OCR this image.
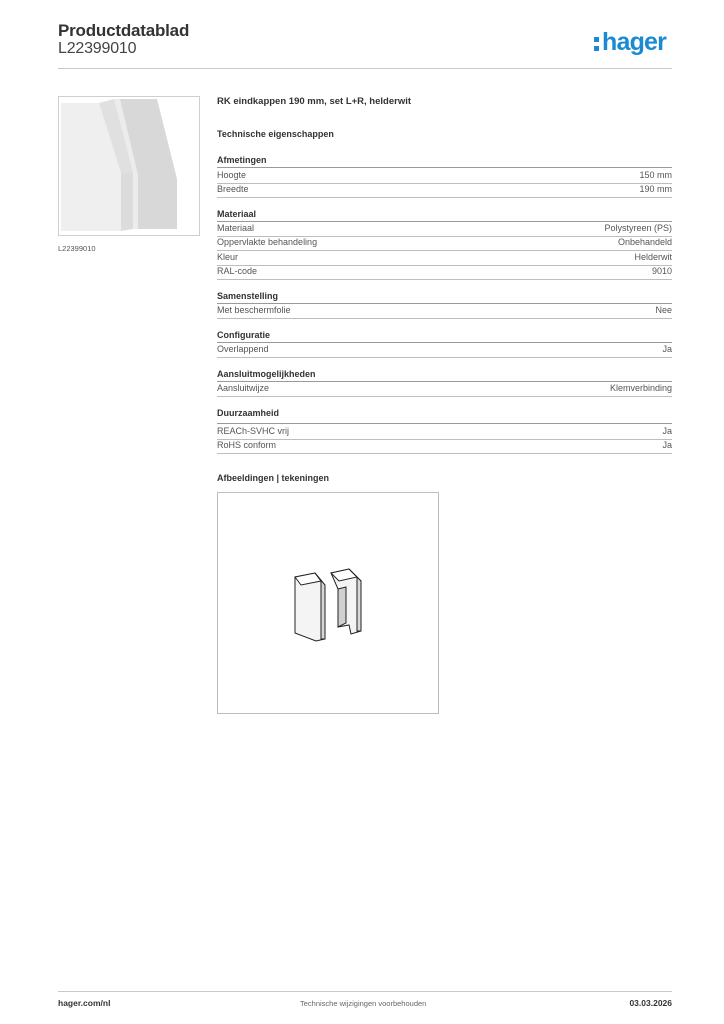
Productdatablad
L22399010	hager
L22399010
RK eindkappen 190 mm, set L+R, helderwit
Technische eigenschappen
Afmetingen
Hoogte	150 mm
Breedte	190 mm
Materiaal
Materiaal	Polystyreen (PS)
Oppervlakte behandeling	Onbehandeld
Kleur	Helderwit
RAL-code	9010
Samenstelling
Met beschermfolie	Nee
Configuratie
Overlappend	Ja
Aansluitmogelijkheden
Aansluitwijze	Klemverbinding
Duurzaamheid
REACh-SVHC vrij	Ja
RoHS conform	Ja
Afbeeldingen | tekeningen
hager.com/nl	Technische wijzigingen voorbehouden	03.03.2026
